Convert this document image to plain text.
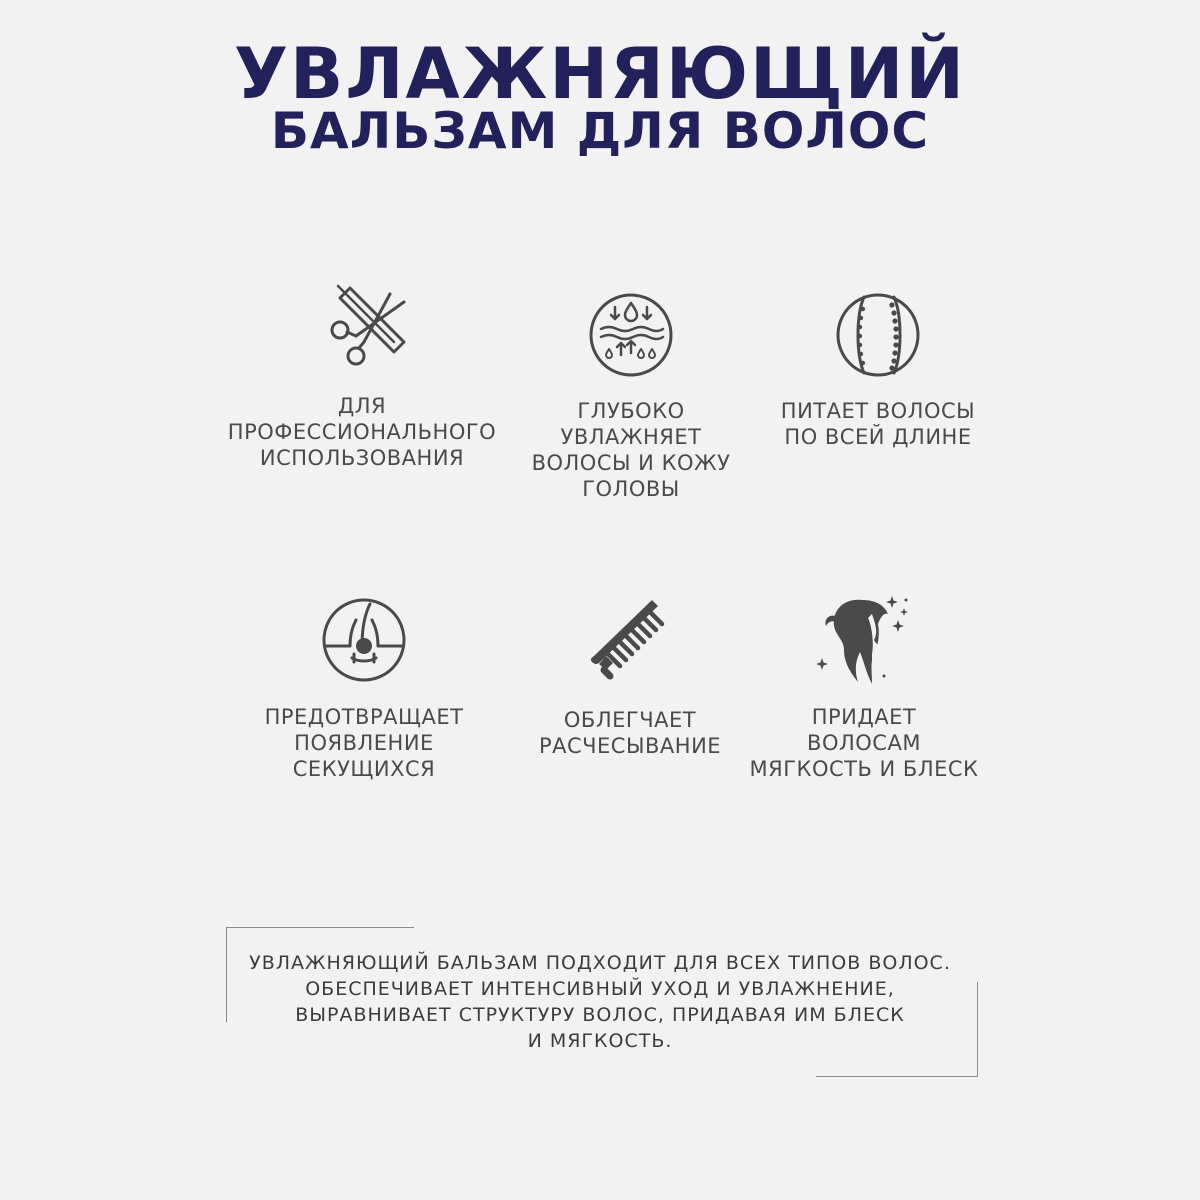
УВЛАЖНЯЮЩИЙ
БАЛЬЗАМ ДЛЯ ВОЛОС
ДЛЯ
ПРОФЕССИОНАЛЬНОГО
ИСПОЛЬЗОВАНИЯ
ГЛУБОКО
УВЛАЖНЯЕТ
ВОЛОСЫ И КОЖУ
ГОЛОВЫ
ПИТАЕТ ВОЛОСЫ
ПО ВСЕЙ ДЛИНЕ
ПРЕДОТВРАЩАЕТ
ПОЯВЛЕНИЕ
СЕКУЩИХСЯ
ОБЛЕГЧАЕТ
РАСЧЕСЫВАНИЕ
ПРИДАЕТ
ВОЛОСАМ
МЯГКОСТЬ И БЛЕСК
УВЛАЖНЯЮЩИЙ БАЛЬЗАМ ПОДХОДИТ ДЛЯ ВСЕХ ТИПОВ ВОЛОС.
ОБЕСПЕЧИВАЕТ ИНТЕНСИВНЫЙ УХОД И УВЛАЖНЕНИЕ,
ВЫРАВНИВАЕТ СТРУКТУРУ ВОЛОС, ПРИДАВАЯ ИМ БЛЕСК
И МЯГКОСТЬ.
